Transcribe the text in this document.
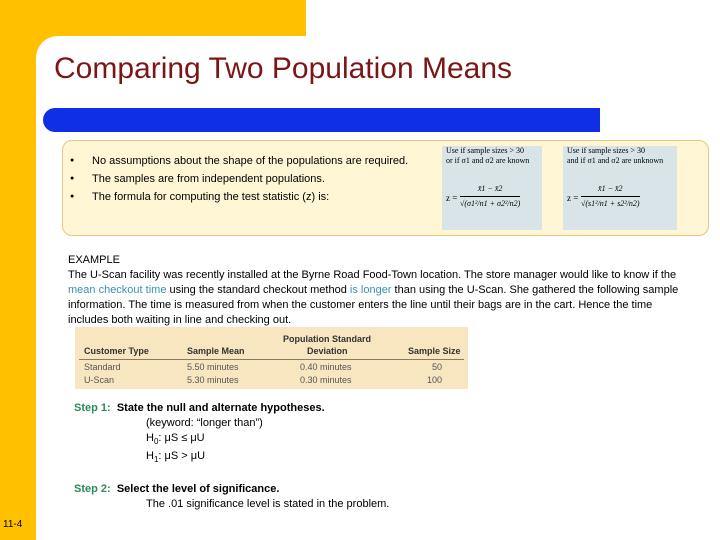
11-4
Comparing Two Population Means
● No assumptions about the shape of the populations are required.
● The samples are from independent populations.
● The formula for computing the test statistic (z) is:
Use if sample sizes > 30
or if σ1 and σ2 are known
$z = \frac{x̄1 - x̄2}{\text{√(σ1²/n1 + σ2²/n2)}}$
Use if sample sizes > 30
and if σ1 and σ2 are unknown
$z = \frac{x̄1 - x̄2}{\text{√(s1²/n1 + s2²/n2)}}$
EXAMPLE
The U-Scan facility was recently installed at the Byrne Road Food-Town location. The store manager would like to know if the mean checkout time using the standard checkout method is longer than using the U-Scan. She gathered the following sample information. The time is measured from when the customer enters the line until their bags are in the cart. Hence the time includes both waiting in line and checking out.
Customer Type	Sample Mean
Population Standard
Deviation	Sample Size
Standard	5.50 minutes	0.40 minutes	50
U-Scan	5.30 minutes	0.30 minutes	100
Step 1: State the null and alternate hypotheses.
(keyword: “longer than”)
$H_0$: μS ≤ μU
$H_1$: μS > μU
Step 2: Select the level of significance.
The .01 significance level is stated in the problem.
